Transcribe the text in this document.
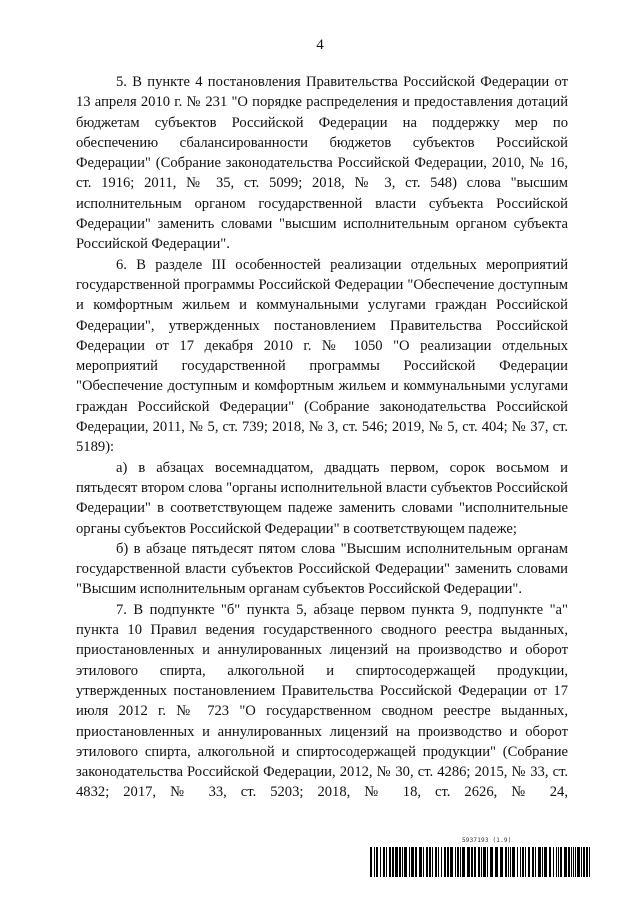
4

5. В пункте 4 постановления Правительства Российской Федерации от 13 апреля 2010 г. № 231 "О порядке распределения и предоставления дотаций бюджетам субъектов Российской Федерации на поддержку мер по обеспечению сбалансированности бюджетов субъектов Российской Федерации" (Собрание законодательства Российской Федерации, 2010, № 16, ст. 1916; 2011, № 35, ст. 5099; 2018, № 3, ст. 548) слова "высшим исполнительным органом государственной власти субъекта Российской Федерации" заменить словами "высшим исполнительным органом субъекта Российской Федерации".

6. В разделе III особенностей реализации отдельных мероприятий государственной программы Российской Федерации "Обеспечение доступным и комфортным жильем и коммунальными услугами граждан Российской Федерации", утвержденных постановлением Правительства Российской Федерации от 17 декабря 2010 г. № 1050 "О реализации отдельных мероприятий государственной программы Российской Федерации "Обеспечение доступным и комфортным жильем и коммунальными услугами граждан Российской Федерации" (Собрание законодательства Российской Федерации, 2011, № 5, ст. 739; 2018, № 3, ст. 546; 2019, № 5, ст. 404; № 37, ст. 5189):

а) в абзацах восемнадцатом, двадцать первом, сорок восьмом и пятьдесят втором слова "органы исполнительной власти субъектов Российской Федерации" в соответствующем падеже заменить словами "исполнительные органы субъектов Российской Федерации" в соответствующем падеже;

б) в абзаце пятьдесят пятом слова "Высшим исполнительным органам государственной власти субъектов Российской Федерации" заменить словами "Высшим исполнительным органам субъектов Российской Федерации".

7. В подпункте "б" пункта 5, абзаце первом пункта 9, подпункте "а" пункта 10 Правил ведения государственного сводного реестра выданных, приостановленных и аннулированных лицензий на производство и оборот этилового спирта, алкогольной и спиртосодержащей продукции, утвержденных постановлением Правительства Российской Федерации от 17 июля 2012 г. № 723 "О государственном сводном реестре выданных, приостановленных и аннулированных лицензий на производство и оборот этилового спирта, алкогольной и спиртосодержащей продукции" (Собрание законодательства Российской Федерации, 2012, № 30, ст. 4286; 2015, № 33, ст. 4832; 2017, № 33, ст. 5203; 2018, № 18, ст. 2626, № 24,

5937193 (1.9)
